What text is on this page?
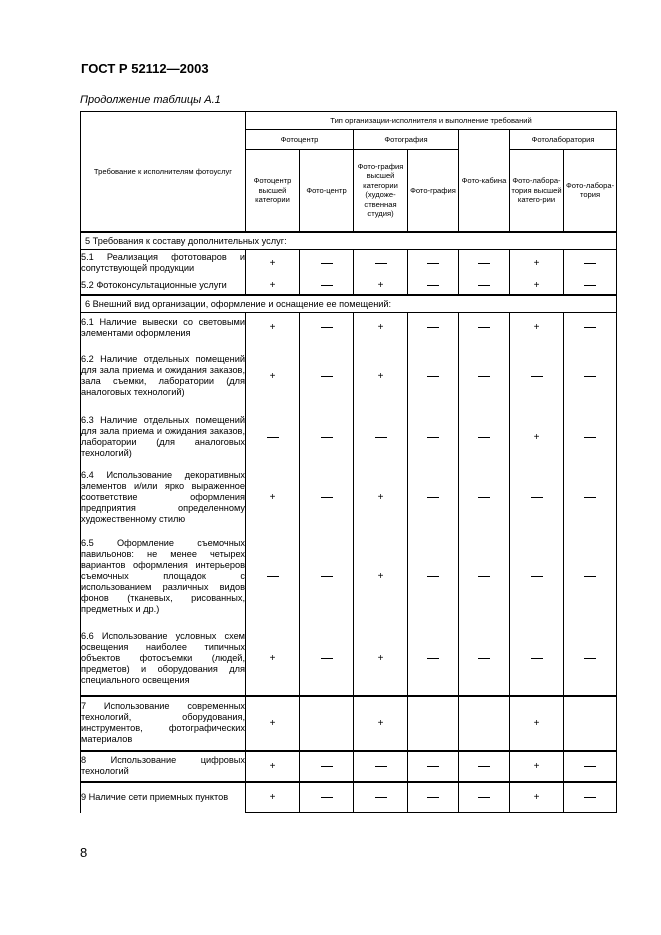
ГОСТ Р 52112—2003
Продолжение таблицы А.1
Требование к исполнителям фотоуслуг	Тип организации-исполнителя и выполнение требований						
	Фотоцентр		Фотография		Фото-кабина	Фотолаборатория	
	Фотоцентр высшей категории	Фото-центр	Фото-графия высшей категории (художе-ственная студия)	Фото-графия		Фото-лабора-тория высшей катего-рии	Фото-лабора-тория
5 Требования к составу дополнительных услуг:							
5.1 Реализация фототоваров и сопутствующей продукции	+					+	
5.2 Фотоконсультационные услуги	+		+			+	
6 Внешний вид организации, оформление и оснащение ее помещений:							
6.1 Наличие вывески со световыми элементами оформления	+		+			+	
6.2 Наличие отдельных помещений для зала приема и ожидания заказов, зала съемки, лаборатории (для аналоговых технологий)	+		+				
6.3 Наличие отдельных помещений для зала приема и ожидания заказов, лаборатории (для аналоговых технологий)						+	
6.4 Использование декоративных элементов и/или ярко выраженное соответствие оформления предприятия определенному художественному стилю	+		+				
6.5 Оформление съемочных павильонов: не менее четырех вариантов оформления интерьеров съемочных площадок с использованием различных видов фонов (тканевых, рисованных, предметных и др.)			+				
6.6 Использование условных схем освещения наиболее типичных объектов фотосъемки (людей, предметов) и оборудования для специального освещения	+		+				
7 Использование современных технологий, оборудования, инструментов, фотографических материалов	+		+			+	
8 Использование цифровых технологий	+					+	
9 Наличие сети приемных пунктов	+					+	
8
